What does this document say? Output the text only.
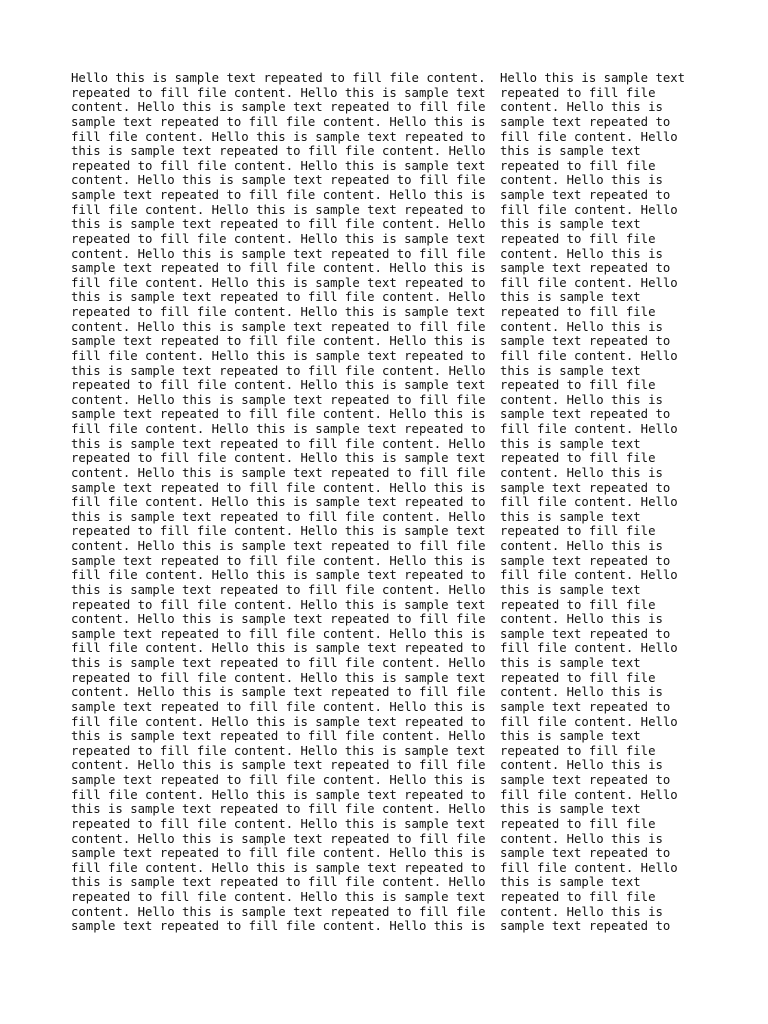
Hello this is sample text repeated to fill file content.
repeated to fill file content. Hello this is sample text
content. Hello this is sample text repeated to fill file
sample text repeated to fill file content. Hello this is
fill file content. Hello this is sample text repeated to
this is sample text repeated to fill file content. Hello
repeated to fill file content. Hello this is sample text
content. Hello this is sample text repeated to fill file
sample text repeated to fill file content. Hello this is
fill file content. Hello this is sample text repeated to
this is sample text repeated to fill file content. Hello
repeated to fill file content. Hello this is sample text
content. Hello this is sample text repeated to fill file
sample text repeated to fill file content. Hello this is
fill file content. Hello this is sample text repeated to
this is sample text repeated to fill file content. Hello
repeated to fill file content. Hello this is sample text
content. Hello this is sample text repeated to fill file
sample text repeated to fill file content. Hello this is
fill file content. Hello this is sample text repeated to
this is sample text repeated to fill file content. Hello
repeated to fill file content. Hello this is sample text
content. Hello this is sample text repeated to fill file
sample text repeated to fill file content. Hello this is
fill file content. Hello this is sample text repeated to
this is sample text repeated to fill file content. Hello
repeated to fill file content. Hello this is sample text
content. Hello this is sample text repeated to fill file
sample text repeated to fill file content. Hello this is
fill file content. Hello this is sample text repeated to
this is sample text repeated to fill file content. Hello
repeated to fill file content. Hello this is sample text
content. Hello this is sample text repeated to fill file
sample text repeated to fill file content. Hello this is
fill file content. Hello this is sample text repeated to
this is sample text repeated to fill file content. Hello
repeated to fill file content. Hello this is sample text
content. Hello this is sample text repeated to fill file
sample text repeated to fill file content. Hello this is
fill file content. Hello this is sample text repeated to
this is sample text repeated to fill file content. Hello
repeated to fill file content. Hello this is sample text
content. Hello this is sample text repeated to fill file
sample text repeated to fill file content. Hello this is
fill file content. Hello this is sample text repeated to
this is sample text repeated to fill file content. Hello
repeated to fill file content. Hello this is sample text
content. Hello this is sample text repeated to fill file
sample text repeated to fill file content. Hello this is
fill file content. Hello this is sample text repeated to
this is sample text repeated to fill file content. Hello
repeated to fill file content. Hello this is sample text
content. Hello this is sample text repeated to fill file
sample text repeated to fill file content. Hello this is
fill file content. Hello this is sample text repeated to
this is sample text repeated to fill file content. Hello
repeated to fill file content. Hello this is sample text
content. Hello this is sample text repeated to fill file
sample text repeated to fill file content. Hello this is
Hello this is sample text
repeated to fill file
content. Hello this is
sample text repeated to
fill file content. Hello
this is sample text
repeated to fill file
content. Hello this is
sample text repeated to
fill file content. Hello
this is sample text
repeated to fill file
content. Hello this is
sample text repeated to
fill file content. Hello
this is sample text
repeated to fill file
content. Hello this is
sample text repeated to
fill file content. Hello
this is sample text
repeated to fill file
content. Hello this is
sample text repeated to
fill file content. Hello
this is sample text
repeated to fill file
content. Hello this is
sample text repeated to
fill file content. Hello
this is sample text
repeated to fill file
content. Hello this is
sample text repeated to
fill file content. Hello
this is sample text
repeated to fill file
content. Hello this is
sample text repeated to
fill file content. Hello
this is sample text
repeated to fill file
content. Hello this is
sample text repeated to
fill file content. Hello
this is sample text
repeated to fill file
content. Hello this is
sample text repeated to
fill file content. Hello
this is sample text
repeated to fill file
content. Hello this is
sample text repeated to
fill file content. Hello
this is sample text
repeated to fill file
content. Hello this is
sample text repeated to
